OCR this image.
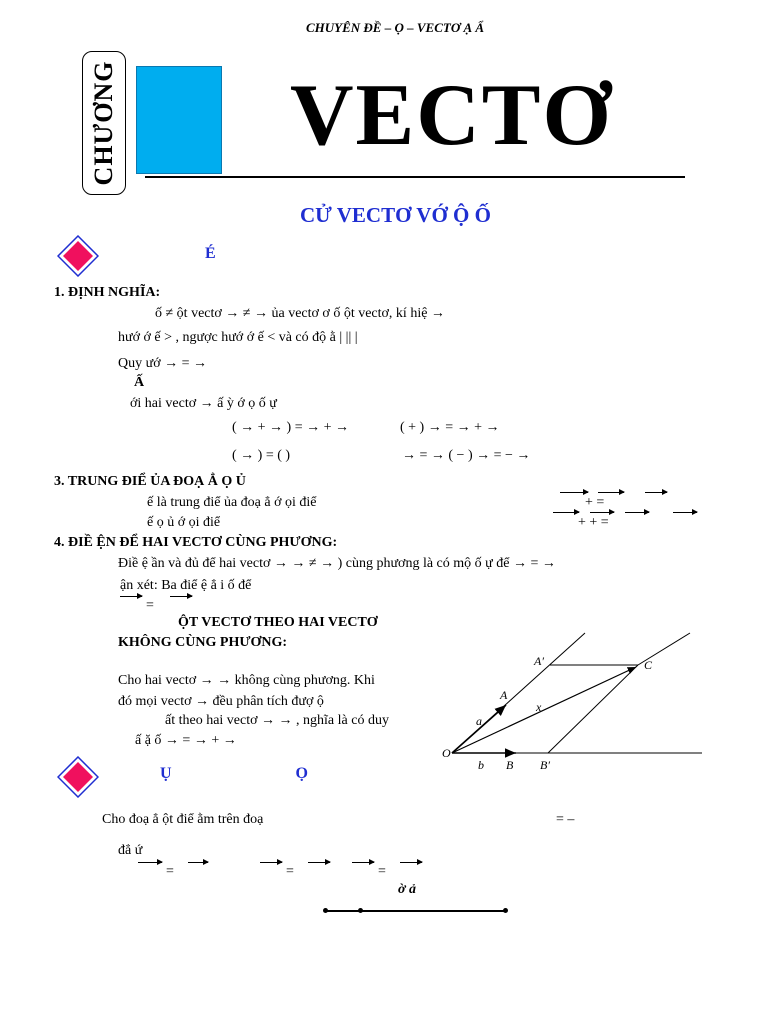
CHUYÊN ĐỀ – Ọ – VECTƠ Ạ Ẩ
CHƯƠNG VECTƠ
CỬ VECTƠ VỚ Ộ Ố
É
1. ĐỊNH NGHĨA:
ố ≠ ột vectơ → ≠ → ủa vectơ ơ ố ột vectơ, kí hiệ →
hướ ớ ế > , ngược hướ ớ ế < và có độ ằ | || |
Quy ướ → = →
Ấ
ới hai vectơ → ấ ỳ ớ ọ ố ự
( → + → ) = → + →	( + ) → = → + →
( → ) = ( )	→ = → ( − ) → = − →
3. TRUNG ĐIỂ ỦA ĐOẠ Ẳ Ọ Ủ
ế là trung điể ủa đoạ ẳ ớ ọi điể	+ =
ế ọ ủ ớ ọi điể	+ + =
4. ĐIỀ ỆN ĐỂ HAI VECTƠ CÙNG PHƯƠNG:
Điề ệ ần và đủ để hai vectơ → → ≠ → ) cùng phương là có mộ ố ự để → = →
ận xét: Ba điể ệ ẳ i ố để
=
ỘT VECTƠ THEO HAI VECTƠ
KHÔNG CÙNG PHƯƠNG:
Cho hai vectơ → → không cùng phương. Khi
đó mọi vectơ → đều phân tích đượ ộ
ất theo hai vectơ → → , nghĩa là có duy
ấ ặ ố → = → + →
O
A
A′	C
B B′
a⃗
b⃗
x⃗
Ụ Ọ
Cho đoạ ẳ ột điể ằm trên đoạ	= –
đẳ ứ
=	=	=
ờ ả
